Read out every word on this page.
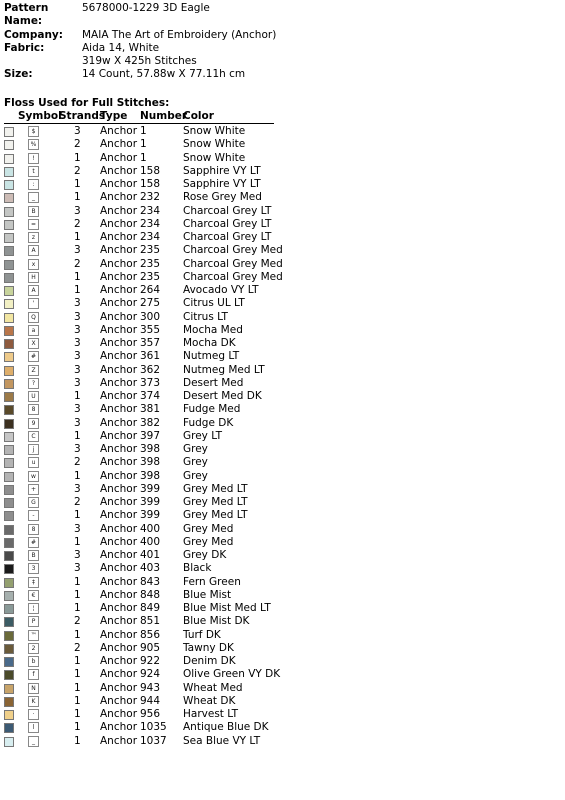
Pattern Name:
5678000-1229 3D Eagle
Company:	MAIA The Art of Embroidery (Anchor)
Fabric:	Aida 14, White
319w X 425h Stitches
Size:	14 Count, 57.88w X 77.11h cm
Floss Used for Full Stitches:
Symbol
Strands
Type Number
Color
$	3 Anchor 1	Snow White
%	2 Anchor 1	Snow White
!	1 Anchor 1	Snow White
t	2 Anchor 158 Sapphire VY LT
:	1 Anchor 158 Sapphire VY LT
_	1 Anchor 232 Rose Grey Med
B	3 Anchor 234 Charcoal Grey LT
=	2 Anchor 234 Charcoal Grey LT
z	1 Anchor 234 Charcoal Grey LT
A	3 Anchor 235 Charcoal Grey Med
x	2 Anchor 235 Charcoal Grey Med
H	1 Anchor 235 Charcoal Grey Med
A	1 Anchor 264 Avocado VY LT
'	3 Anchor 275 Citrus UL LT
Q	3 Anchor 300 Citrus LT
a	3 Anchor 355 Mocha Med
X	3 Anchor 357 Mocha DK
#	3 Anchor 361 Nutmeg LT
Z	3 Anchor 362 Nutmeg Med LT
?	3 Anchor 373 Desert Med
U	1 Anchor 374 Desert Med DK
8	3 Anchor 381 Fudge Med
9	3 Anchor 382 Fudge DK
C	1 Anchor 397 Grey LT
j	3 Anchor 398 Grey
u	2 Anchor 398 Grey
w	1 Anchor 398 Grey
+	3 Anchor 399 Grey Med LT
G	2 Anchor 399 Grey Med LT
-	1 Anchor 399 Grey Med LT
8	3 Anchor 400 Grey Med
#	1 Anchor 400 Grey Med
B	3 Anchor 401 Grey DK
3	3 Anchor 403 Black
‡	1 Anchor 843 Fern Green
€	1 Anchor 848 Blue Mist
¦	1 Anchor 849 Blue Mist Med LT
P	2 Anchor 851 Blue Mist DK
™	1 Anchor 856 Turf DK
2	2 Anchor 905 Tawny DK
b	1 Anchor 922 Denim DK
f	1 Anchor 924 Olive Green VY DK
N	1 Anchor 943 Wheat Med
K	1 Anchor 944 Wheat DK
·	1 Anchor 956 Harvest LT
l	1 Anchor 1035 Antique Blue DK
_	1 Anchor 1037 Sea Blue VY LT
